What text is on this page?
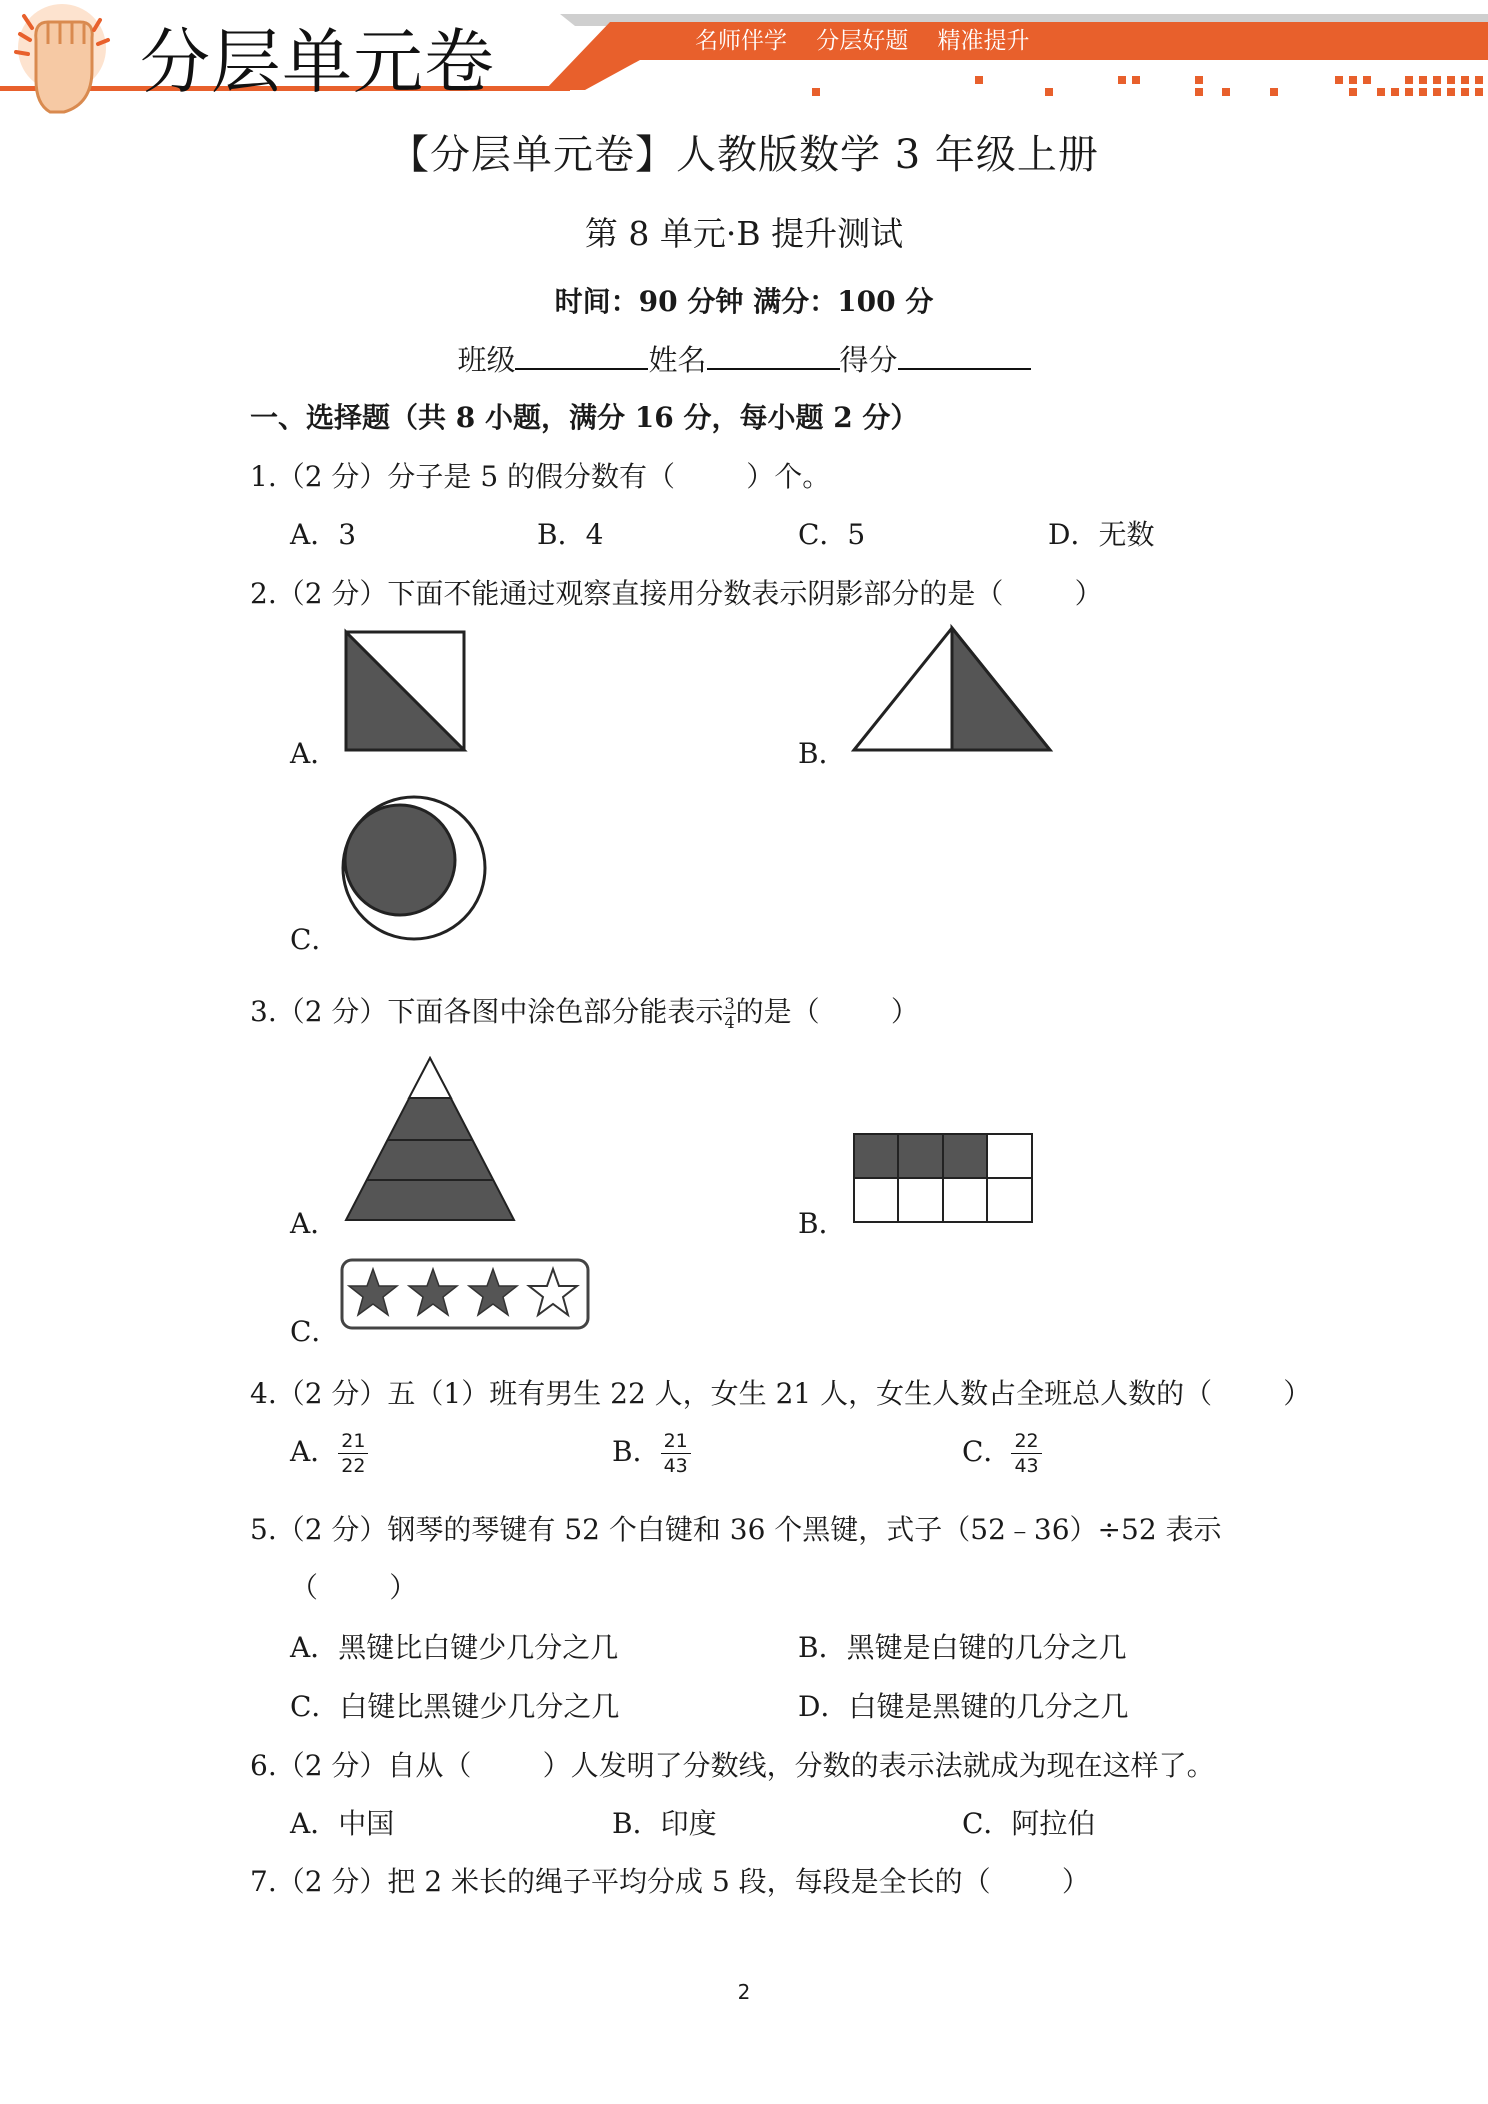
分层单元卷	名师伴学    分层好题    精准提升
【分层单元卷】人教版数学 3 年级上册
第 8 单元·B 提升测试
时间：90 分钟 满分：100 分
班级	姓名	得分
一、选择题（共 8 小题，满分 16 分，每小题 2 分）
1.（2 分）分子是 5 的假分数有（        ）个。
A．3	B．4	C．5	D．无数
2.（2 分）下面不能通过观察直接用分数表示阴影部分的是（        ）
A．	B．
C．
3.（2 分）下面各图中涂色部分能表示 $\frac{3}{4}$ 的是（        ）
A．	B．
C．
4.（2 分）五（1）班有男生 22 人，女生 21 人，女生人数占全班总人数的（        ）
A． $\frac{21}{22}$	B． $\frac{21}{43}$	C． $\frac{22}{43}$
5.（2 分）钢琴的琴键有 52 个白键和 36 个黑键，式子（52﹣36）÷52 表示
（        ）
A．黑键比白键少几分之几	B．黑键是白键的几分之几
C．白键比黑键少几分之几	D．白键是黑键的几分之几
6.（2 分）自从（        ）人发明了分数线，分数的表示法就成为现在这样了。
A．中国	B．印度	C．阿拉伯
7.（2 分）把 2 米长的绳子平均分成 5 段，每段是全长的（        ）
2
